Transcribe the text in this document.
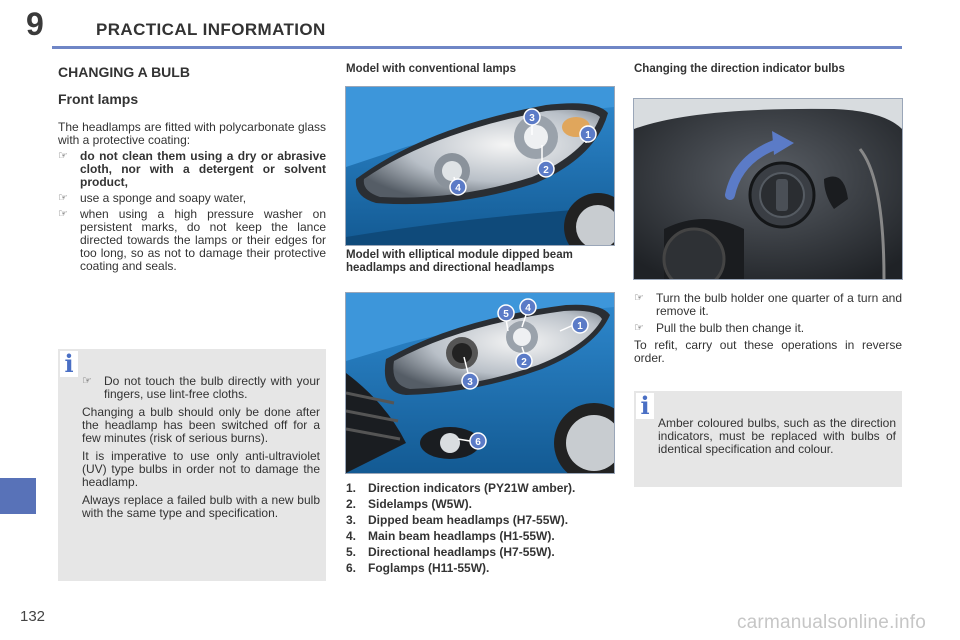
9	PRACTICAL INFORMATION
132	carmanualsonline.info
CHANGING A BULB
Front lamps

The headlamps are fitted with polycarbonate glass with a protective coating:

☞ do not clean them using a dry or abrasive cloth, nor with a detergent or solvent product,
☞ use a sponge and soapy water,
☞ when using a high pressure washer on persistent marks, do not keep the lance directed towards the lamps or their edges for too long, so as not to damage their protective coating and seals.
i
☞ Do not touch the bulb directly with your fingers, use lint-free cloths.

Changing a bulb should only be done after the headlamp has been switched off for a few minutes (risk of serious burns).

It is imperative to use only anti-ultraviolet (UV) type bulbs in order not to damage the headlamp.

Always replace a failed bulb with a new bulb with the same type and specification.

Model with conventional lamps
1
2
3
4
Model with elliptical module dipped beam headlamps and directional headlamps
1
2
3
4
5
6
1. Direction indicators (PY21W amber).
2. Sidelamps (W5W).
3. Dipped beam headlamps (H7-55W).
4. Main beam headlamps (H1-55W).
5. Directional headlamps (H7-55W).
6. Foglamps (H11-55W).
Changing the direction indicator bulbs
☞ Turn the bulb holder one quarter of a turn and remove it.
☞ Pull the bulb then change it.

To refit, carry out these operations in reverse order.

i
Amber coloured bulbs, such as the direction indicators, must be replaced with bulbs of identical specification and colour.
